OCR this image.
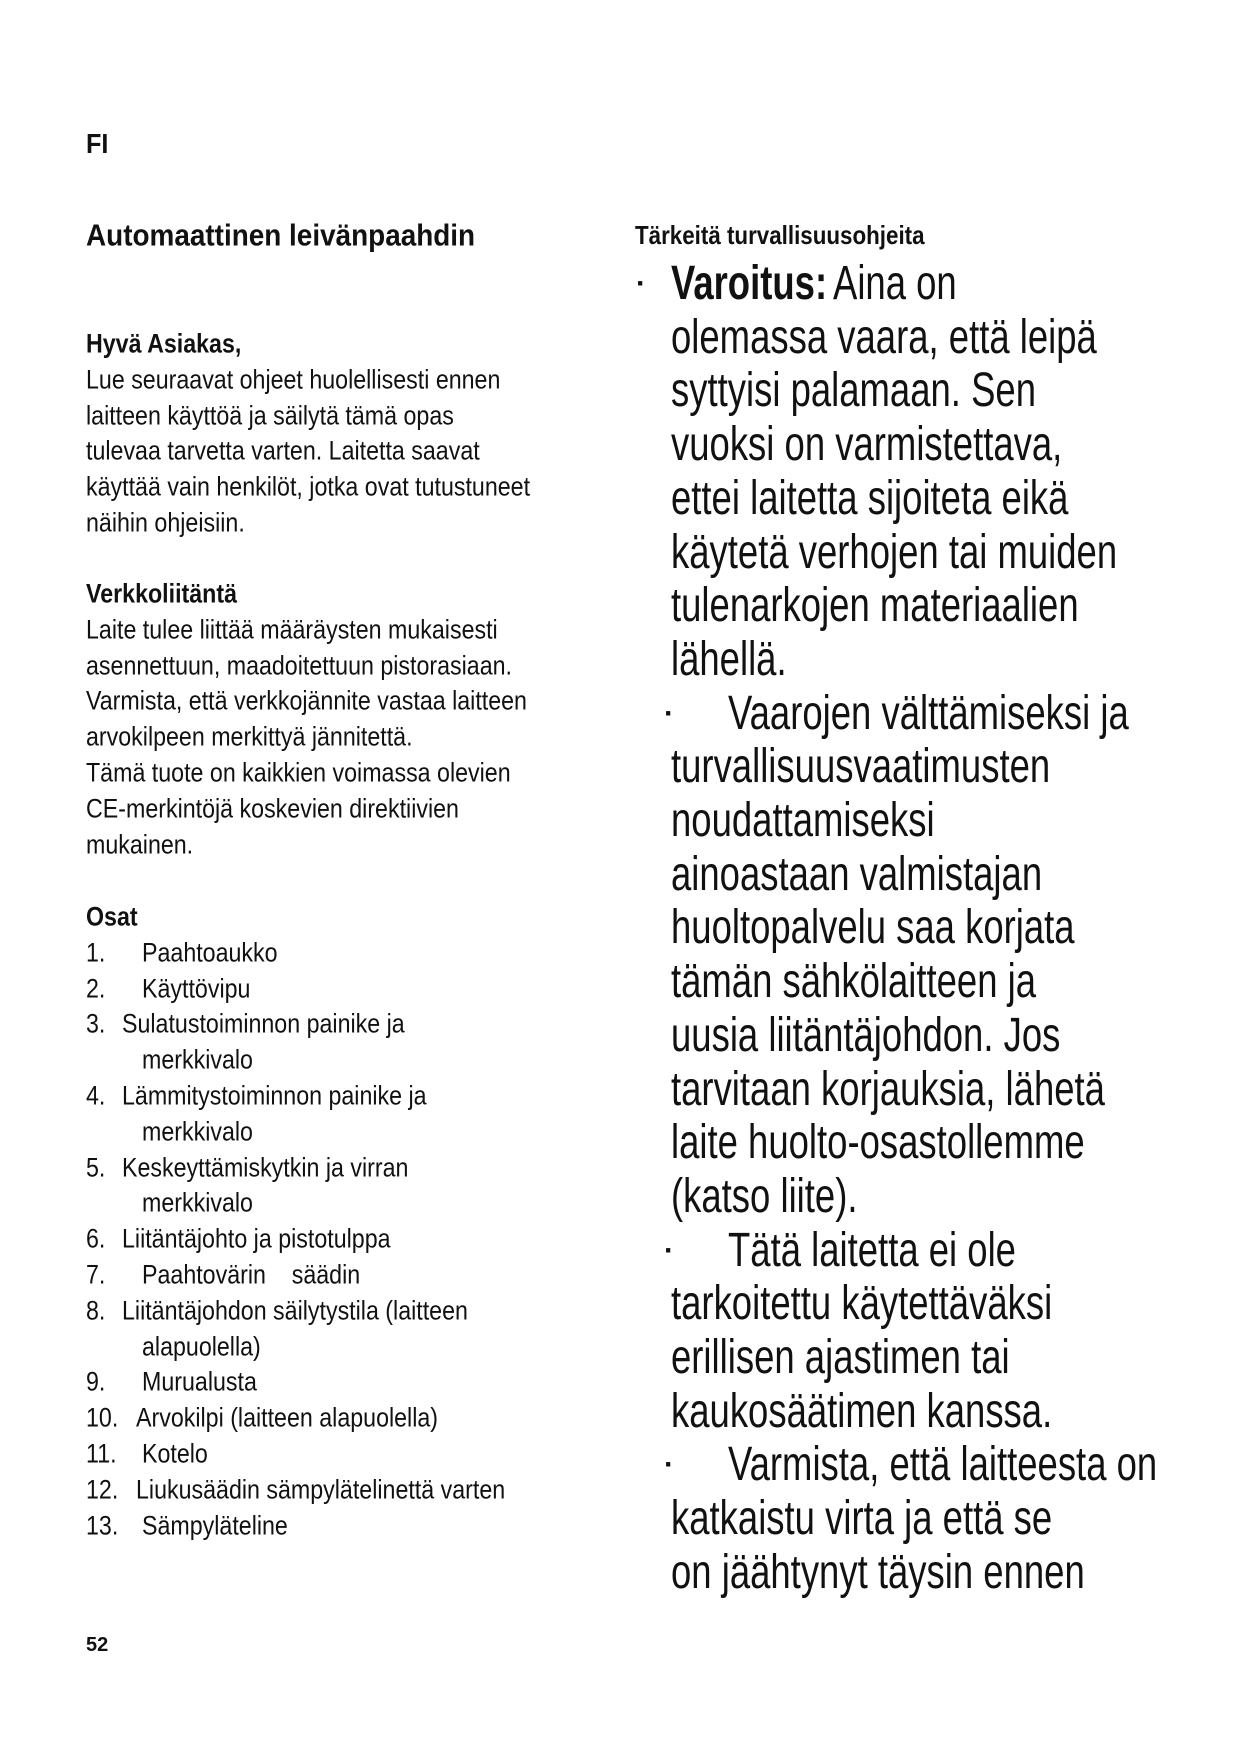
FI
Automaattinen leivänpaahdin
Hyvä Asiakas,
Lue seuraavat ohjeet huolellisesti ennen
laitteen käyttöä ja säilytä tämä opas
tulevaa tarvetta varten. Laitetta saavat
käyttää vain henkilöt, jotka ovat tutustuneet
näihin ohjeisiin.
Verkkoliitäntä
Laite tulee liittää määräysten mukaisesti
asennettuun, maadoitettuun pistorasiaan.
Varmista, että verkkojännite vastaa laitteen
arvokilpeen merkittyä jännitettä.
Tämä tuote on kaikkien voimassa olevien
CE-merkintöjä koskevien direktiivien
mukainen.
Osat
1. Paahtoaukko
2. Käyttövipu
3. Sulatustoiminnon painike ja
merkkivalo
4. Lämmitystoiminnon painike ja
merkkivalo
5. Keskeyttämiskytkin ja virran
merkkivalo
6. Liitäntäjohto ja pistotulppa
7. Paahtovärin    säädin
8. Liitäntäjohdon säilytystila (laitteen
alapuolella)
9. Murualusta
10. Arvokilpi (laitteen alapuolella)
11. Kotelo
12. Liukusäädin sämpylätelinettä varten
13. Sämpyläteline
52
Tärkeitä turvallisuusohjeita
· Varoitus: Aina on
olemassa vaara, että leipä
syttyisi palamaan. Sen
vuoksi on varmistettava,
ettei laitetta sijoiteta eikä
käytetä verhojen tai muiden
tulenarkojen materiaalien
lähellä.
· Vaarojen välttämiseksi ja
turvallisuusvaatimusten
noudattamiseksi
ainoastaan valmistajan
huoltopalvelu saa korjata
tämän sähkölaitteen ja
uusia liitäntäjohdon. Jos
tarvitaan korjauksia, lähetä
laite huolto-osastollemme
(katso liite).
· Tätä laitetta ei ole
tarkoitettu käytettäväksi
erillisen ajastimen tai
kaukosäätimen kanssa.
· Varmista, että laitteesta on
katkaistu virta ja että se
on jäähtynyt täysin ennen
